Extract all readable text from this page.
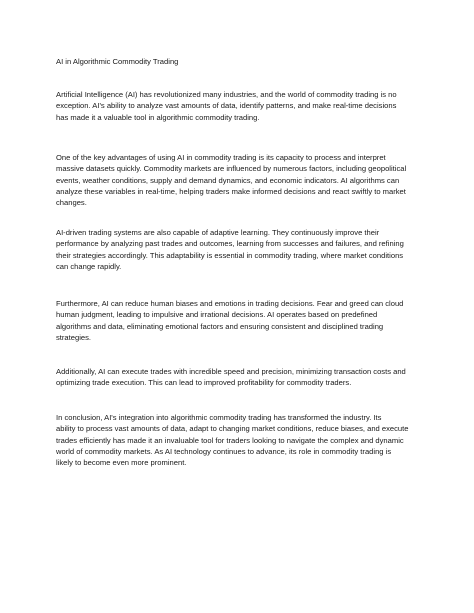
AI in Algorithmic Commodity Trading

Artificial Intelligence (AI) has revolutionized many industries, and the world of commodity trading is no
exception. AI's ability to analyze vast amounts of data, identify patterns, and make real-time decisions
has made it a valuable tool in algorithmic commodity trading.

One of the key advantages of using AI in commodity trading is its capacity to process and interpret
massive datasets quickly. Commodity markets are influenced by numerous factors, including geopolitical
events, weather conditions, supply and demand dynamics, and economic indicators. AI algorithms can
analyze these variables in real-time, helping traders make informed decisions and react swiftly to market
changes.

AI-driven trading systems are also capable of adaptive learning. They continuously improve their
performance by analyzing past trades and outcomes, learning from successes and failures, and refining
their strategies accordingly. This adaptability is essential in commodity trading, where market conditions
can change rapidly.

Furthermore, AI can reduce human biases and emotions in trading decisions. Fear and greed can cloud
human judgment, leading to impulsive and irrational decisions. AI operates based on predefined
algorithms and data, eliminating emotional factors and ensuring consistent and disciplined trading
strategies.

Additionally, AI can execute trades with incredible speed and precision, minimizing transaction costs and
optimizing trade execution. This can lead to improved profitability for commodity traders.

In conclusion, AI's integration into algorithmic commodity trading has transformed the industry. Its
ability to process vast amounts of data, adapt to changing market conditions, reduce biases, and execute
trades efficiently has made it an invaluable tool for traders looking to navigate the complex and dynamic
world of commodity markets. As AI technology continues to advance, its role in commodity trading is
likely to become even more prominent.
